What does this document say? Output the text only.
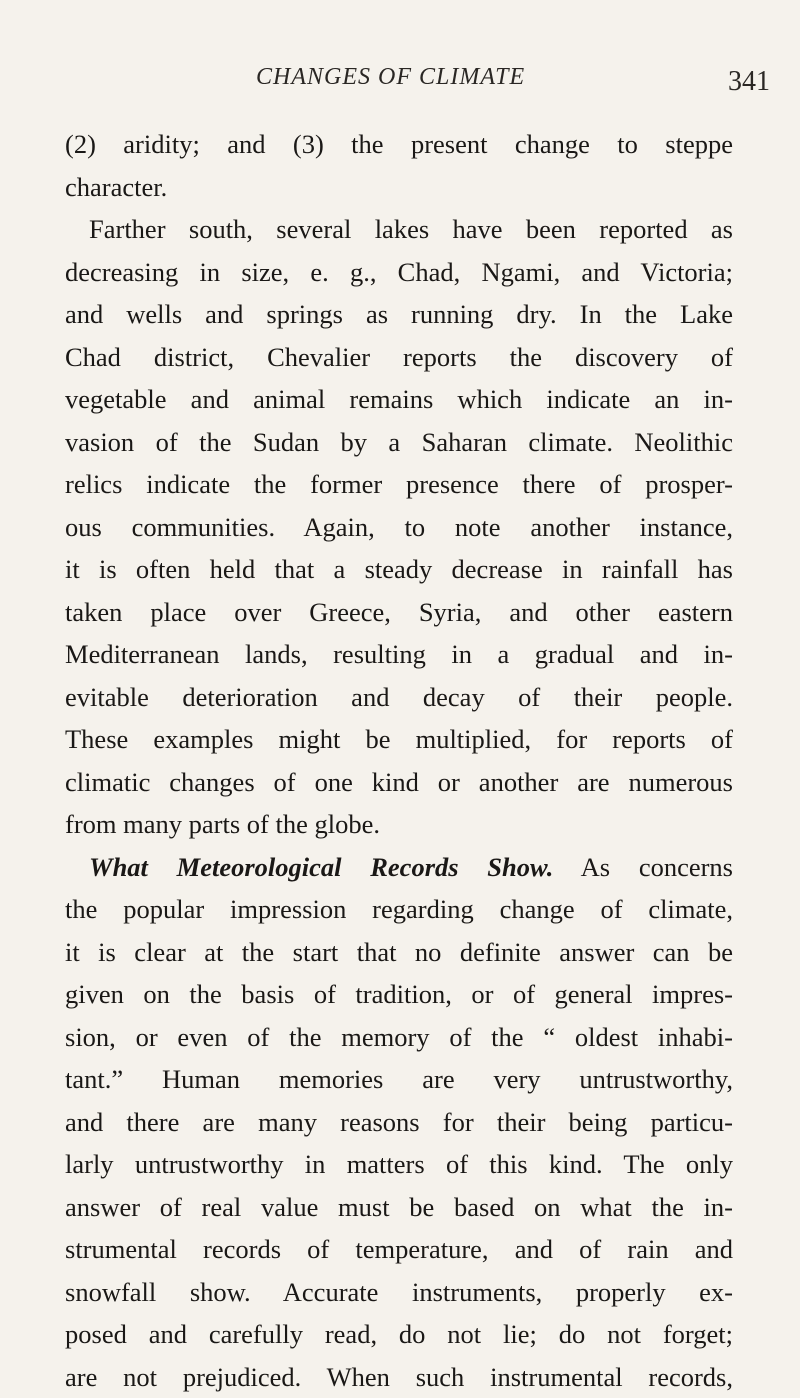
CHANGES OF CLIMATE	341
(2) aridity; and (3) the present change to steppe
character.
Farther south, several lakes have been reported as
decreasing in size, e. g., Chad, Ngami, and Victoria;
and wells and springs as running dry. In the Lake
Chad district, Chevalier reports the discovery of
vegetable and animal remains which indicate an in-
vasion of the Sudan by a Saharan climate. Neolithic
relics indicate the former presence there of prosper-
ous communities. Again, to note another instance,
it is often held that a steady decrease in rainfall has
taken place over Greece, Syria, and other eastern
Mediterranean lands, resulting in a gradual and in-
evitable deterioration and decay of their people.
These examples might be multiplied, for reports of
climatic changes of one kind or another are numerous
from many parts of the globe.
What Meteorological Records Show. As concerns
the popular impression regarding change of climate,
it is clear at the start that no definite answer can be
given on the basis of tradition, or of general impres-
sion, or even of the memory of the “ oldest inhabi-
tant.” Human memories are very untrustworthy,
and there are many reasons for their being particu-
larly untrustworthy in matters of this kind. The only
answer of real value must be based on what the in-
strumental records of temperature, and of rain and
snowfall show. Accurate instruments, properly ex-
posed and carefully read, do not lie; do not forget;
are not prejudiced. When such instrumental records,
